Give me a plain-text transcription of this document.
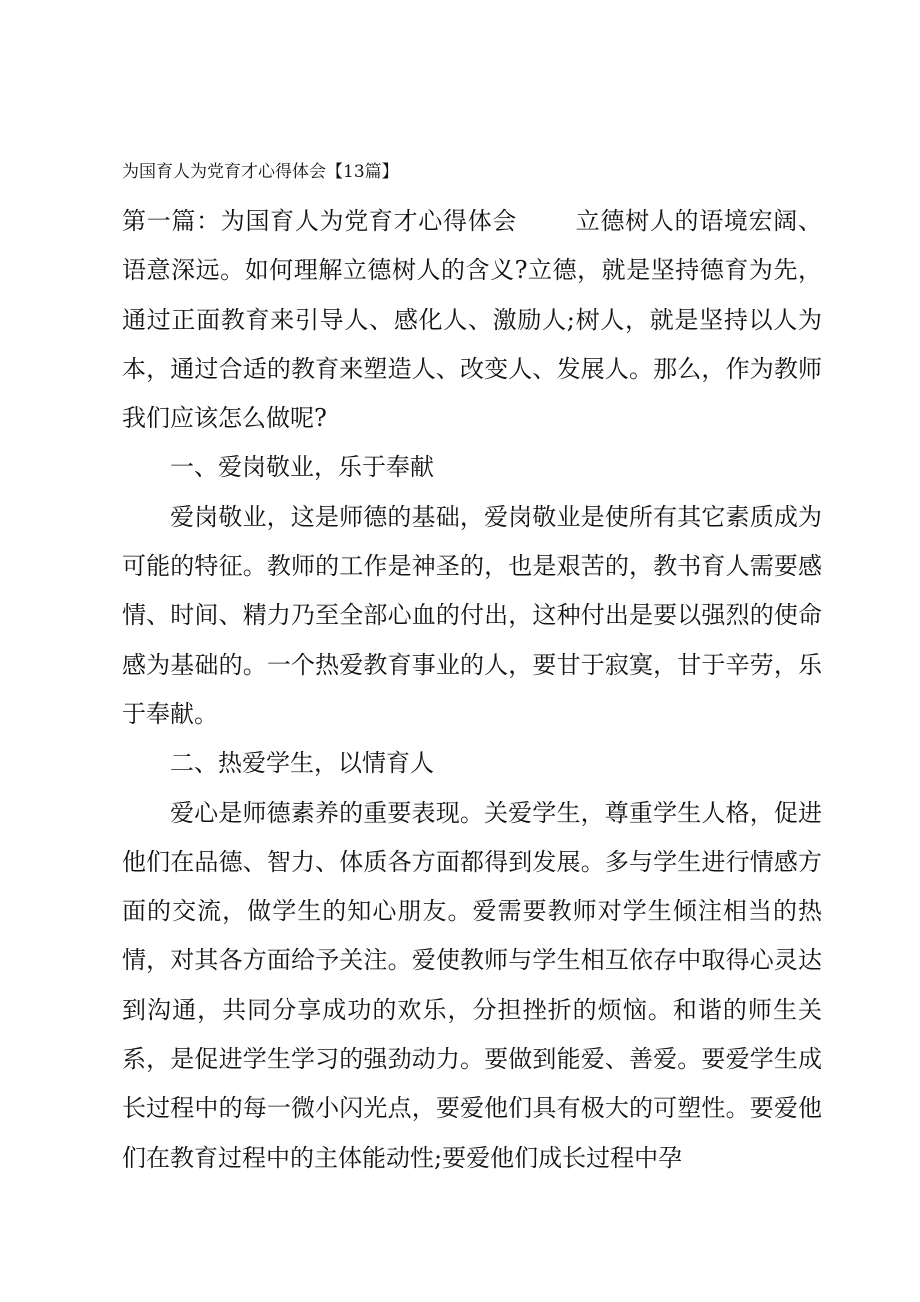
为国育人为党育才心得体会【13篇】

第一篇：为国育人为党育才心得体会 立德树人的语境宏阔、语意深远。如何理解立德树人的含义?立德，就是坚持德育为先，通过正面教育来引导人、感化人、激励人;树人，就是坚持以人为本，通过合适的教育来塑造人、改变人、发展人。那么，作为教师我们应该怎么做呢?

一、爱岗敬业，乐于奉献

爱岗敬业，这是师德的基础，爱岗敬业是使所有其它素质成为可能的特征。教师的工作是神圣的，也是艰苦的，教书育人需要感情、时间、精力乃至全部心血的付出，这种付出是要以强烈的使命感为基础的。一个热爱教育事业的人，要甘于寂寞，甘于辛劳，乐于奉献。

二、热爱学生，以情育人

爱心是师德素养的重要表现。关爱学生，尊重学生人格，促进他们在品德、智力、体质各方面都得到发展。多与学生进行情感方面的交流，做学生的知心朋友。爱需要教师对学生倾注相当的热情，对其各方面给予关注。爱使教师与学生相互依存中取得心灵达到沟通，共同分享成功的欢乐，分担挫折的烦恼。和谐的师生关系，是促进学生学习的强劲动力。要做到能爱、善爱。要爱学生成长过程中的每一微小闪光点，要爱他们具有极大的可塑性。要爱他们在教育过程中的主体能动性;要爱他们成长过程中孕
